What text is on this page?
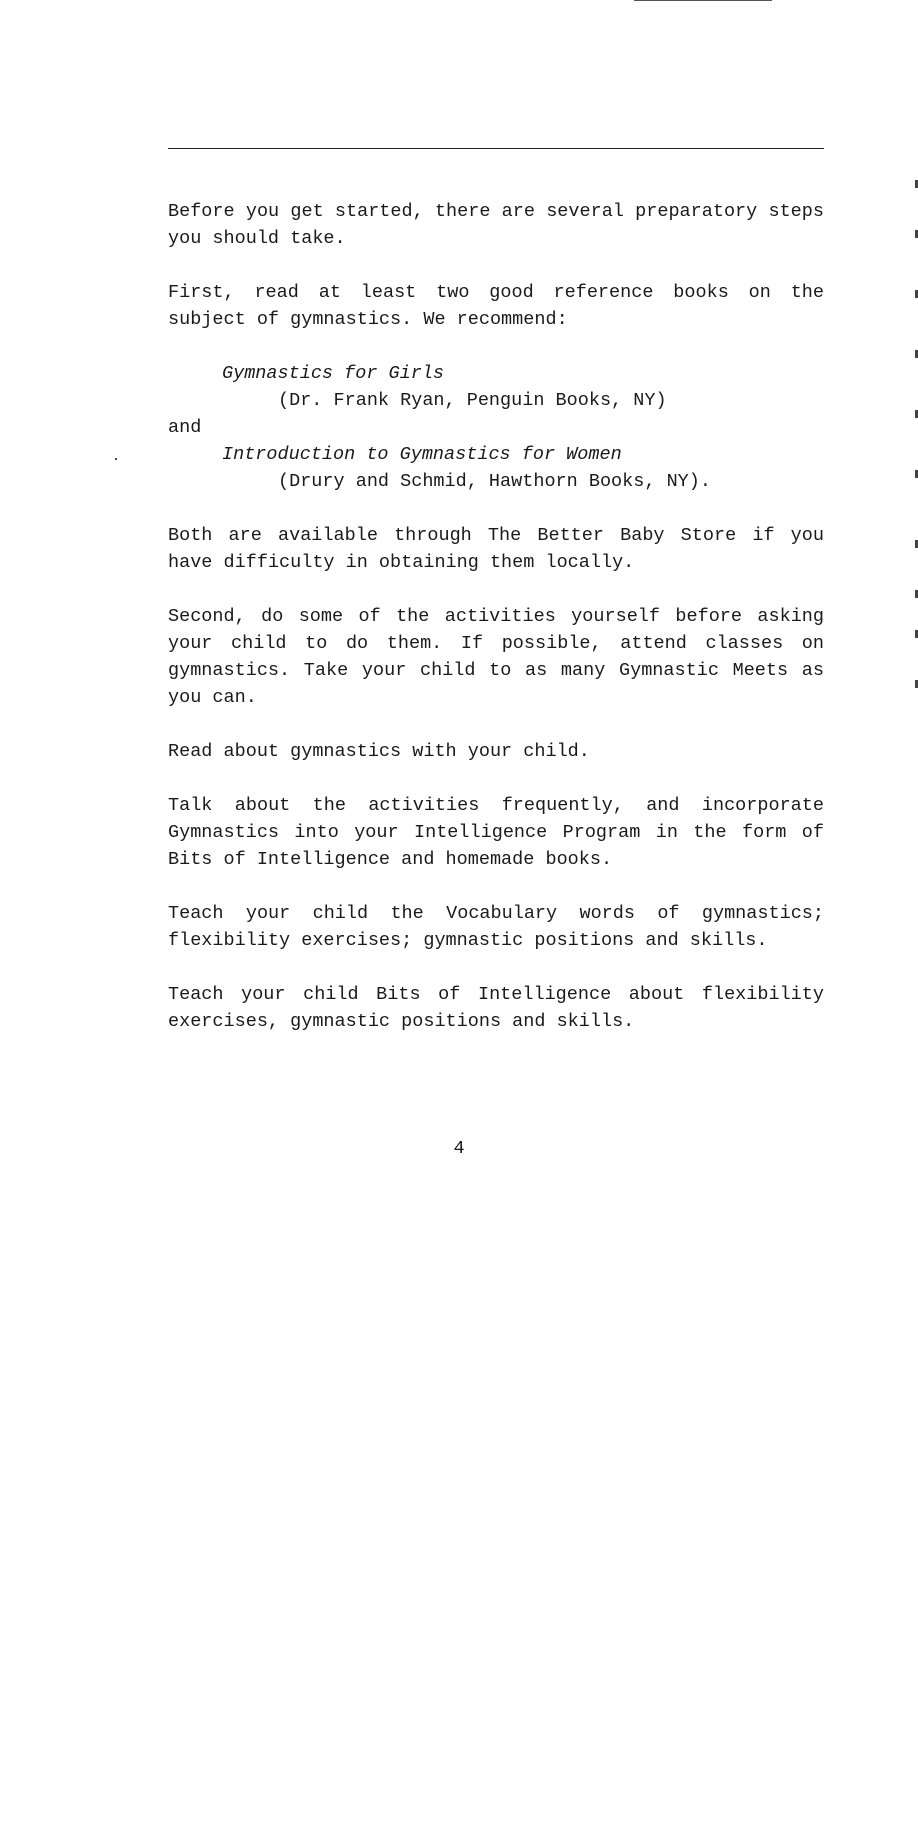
Before you get started, there are several preparatory steps you should take.

First, read at least two good reference books on the subject of gymnastics. We recommend:

Gymnastics for Girls

(Dr. Frank Ryan, Penguin Books, NY)

and

Introduction to Gymnastics for Women

(Drury and Schmid, Hawthorn Books, NY).

Both are available through The Better Baby Store if you have difficulty in obtaining them locally.

Second, do some of the activities yourself before asking your child to do them. If possible, attend classes on gymnastics. Take your child to as many Gymnastic Meets as you can.

Read about gymnastics with your child.

Talk about the activities frequently, and incorporate Gymnastics into your Intelligence Program in the form of Bits of Intelligence and homemade books.

Teach your child the Vocabulary words of gymnastics; flexibility exercises; gymnastic positions and skills.

Teach your child Bits of Intelligence about flexibility exercises, gymnastic positions and skills.

4
